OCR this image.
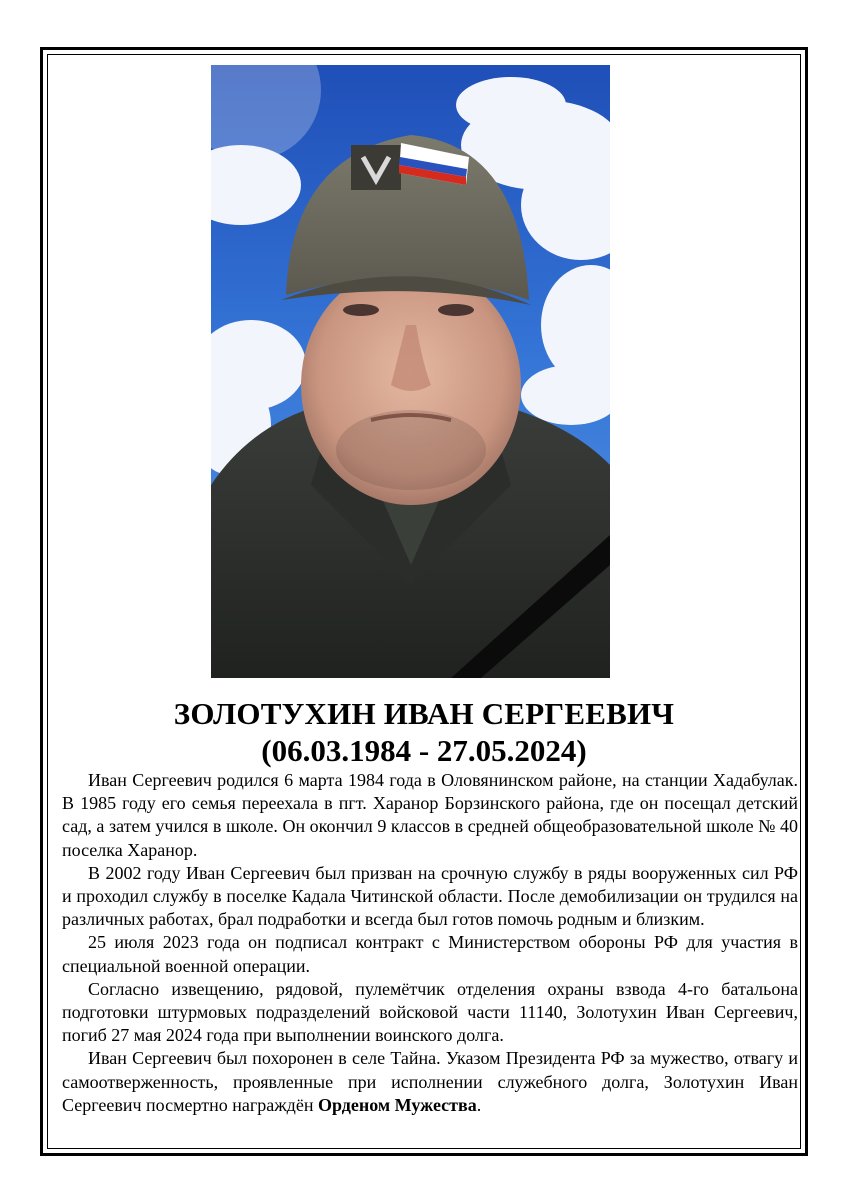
ЗОЛОТУХИН ИВАН СЕРГЕЕВИЧ
(06.03.1984 - 27.05.2024)

Иван Сергеевич родился 6 марта 1984 года в Оловянинском районе, на станции Хадабулак. В 1985 году его семья переехала в пгт. Харанор Борзинского района, где он посещал детский сад, а затем учился в школе. Он окончил 9 классов в средней общеобразовательной школе № 40 поселка Харанор.

В 2002 году Иван Сергеевич был призван на срочную службу в ряды вооруженных сил РФ и проходил службу в поселке Кадала Читинской области. После демобилизации он трудился на различных работах, брал подработки и всегда был готов помочь родным и близким.

25 июля 2023 года он подписал контракт с Министерством обороны РФ для участия в специальной военной операции.

Согласно извещению, рядовой, пулемётчик отделения охраны взвода 4-го батальона подготовки штурмовых подразделений войсковой части 11140, Золотухин Иван Сергеевич, погиб 27 мая 2024 года при выполнении воинского долга.

Иван Сергеевич был похоронен в селе Тайна. Указом Президента РФ за мужество, отвагу и самоотверженность, проявленные при исполнении служебного долга, Золотухин Иван Сергеевич посмертно награждён Орденом Мужества.
